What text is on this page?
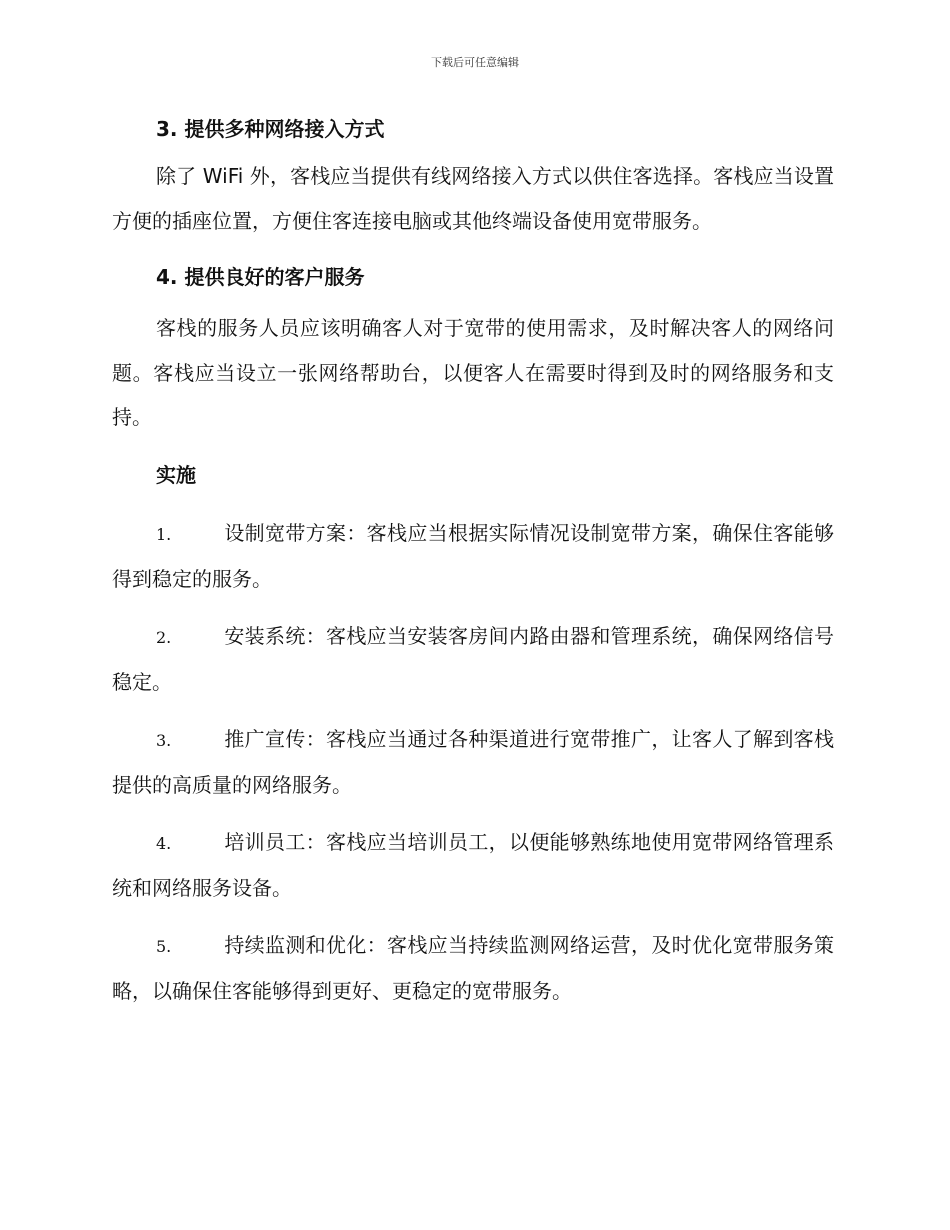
下载后可任意编辑
3. 提供多种网络接入方式

除了 WiFi 外，客栈应当提供有线网络接入方式以供住客选择。客栈应当设置方便的插座位置，方便住客连接电脑或其他终端设备使用宽带服务。

4. 提供良好的客户服务

客栈的服务人员应该明确客人对于宽带的使用需求，及时解决客人的网络问题。客栈应当设立一张网络帮助台，以便客人在需要时得到及时的网络服务和支持。

实施

1.	设制宽带方案：客栈应当根据实际情况设制宽带方案，确保住客能够得到稳定的服务。

2.	安装系统：客栈应当安装客房间内路由器和管理系统，确保网络信号稳定。

3.	推广宣传：客栈应当通过各种渠道进行宽带推广，让客人了解到客栈提供的高质量的网络服务。

4.	培训员工：客栈应当培训员工，以便能够熟练地使用宽带网络管理系统和网络服务设备。

5.	持续监测和优化：客栈应当持续监测网络运营，及时优化宽带服务策略，以确保住客能够得到更好、更稳定的宽带服务。
